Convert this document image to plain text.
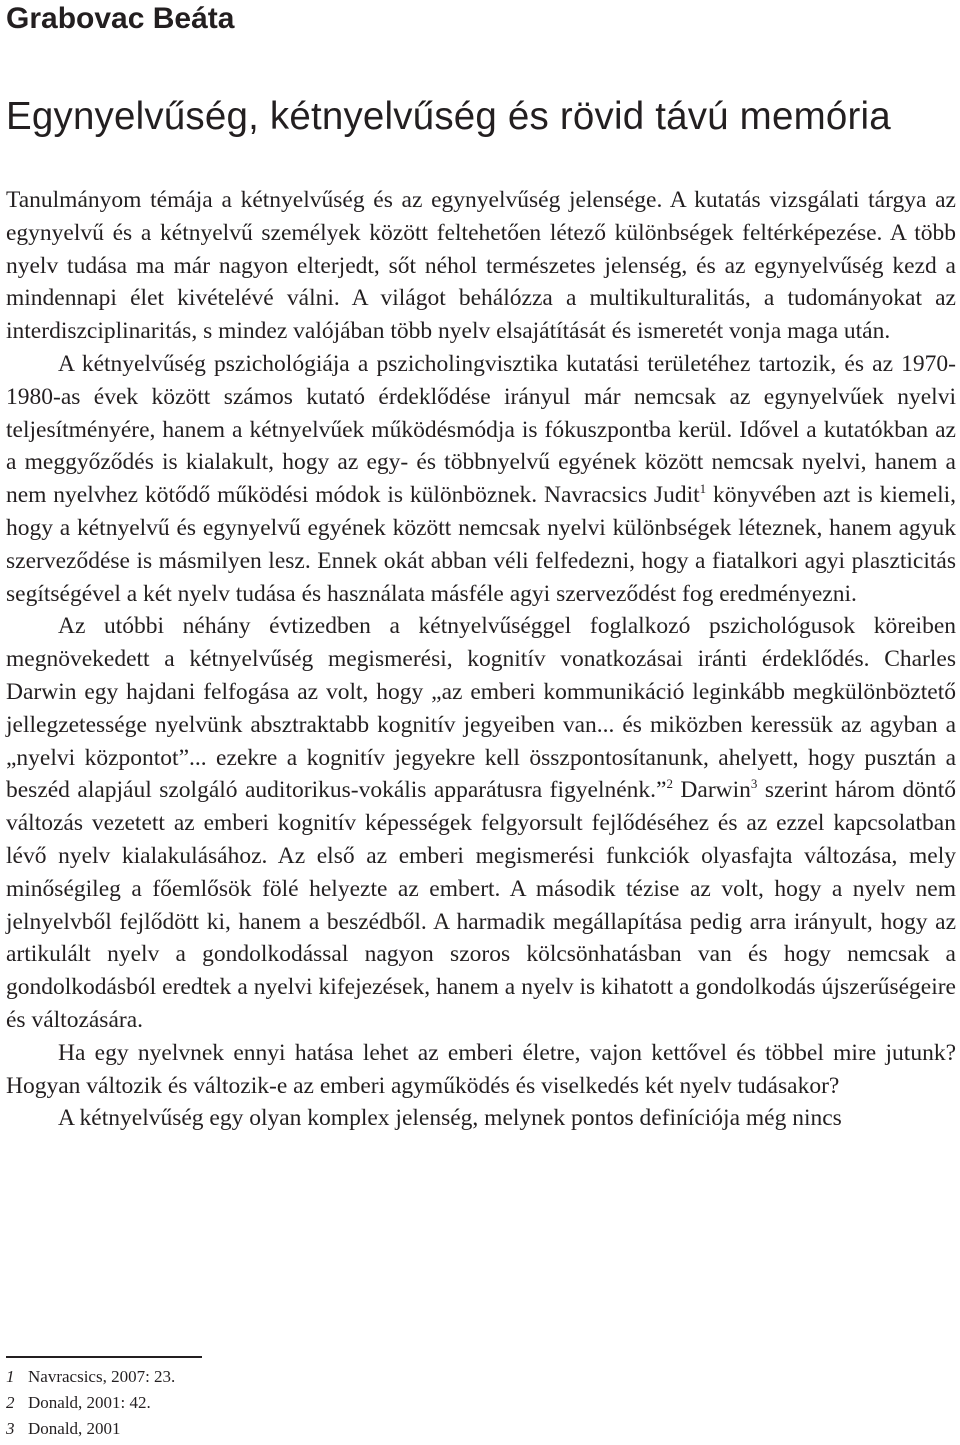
Grabovac Beáta
Egynyelvűség, kétnyelvűség és rövid távú memória

Tanulmányom témája a kétnyelvűség és az egynyelvűség jelensége. A kutatás vizsgálati tárgya az egynyelvű és a kétnyelvű személyek között feltehetően létező különbségek feltérképezése. A több nyelv tudása ma már nagyon elterjedt, sőt néhol természetes jelenség, és az egynyelvűség kezd a mindennapi élet kivételévé válni. A világot behálózza a multikulturalitás, a tudományokat az interdiszciplinaritás, s mindez valójában több nyelv elsajátítását és ismeretét vonja maga után.

A kétnyelvűség pszichológiája a pszicholingvisztika kutatási területéhez tartozik, és az 1970-1980-as évek között számos kutató érdeklődése irányul már nemcsak az egynyelvűek nyelvi teljesítményére, hanem a kétnyelvűek működésmódja is fókuszpontba kerül. Idővel a kutatókban az a meggyőződés is kialakult, hogy az egy- és többnyelvű egyének között nemcsak nyelvi, hanem a nem nyelvhez kötődő működési módok is különböznek. Navracsics Judit$^1$ könyvében azt is kiemeli, hogy a kétnyelvű és egynyelvű egyének között nemcsak nyelvi különbségek léteznek, hanem agyuk szerveződése is másmilyen lesz. Ennek okát abban véli felfedezni, hogy a fiatalkori agyi plaszticitás segítségével a két nyelv tudása és használata másféle agyi szerveződést fog eredményezni.

Az utóbbi néhány évtizedben a kétnyelvűséggel foglalkozó pszichológusok köreiben megnövekedett a kétnyelvűség megismerési, kognitív vonatkozásai iránti érdeklődés. Charles Darwin egy hajdani felfogása az volt, hogy „az emberi kommunikáció leginkább megkülönböztető jellegzetessége nyelvünk absztraktabb kognitív jegyeiben van... és miközben keressük az agyban a „nyelvi központot”... ezekre a kognitív jegyekre kell összpontosítanunk, ahelyett, hogy pusztán a beszéd alapjául szolgáló auditorikus-vokális apparátusra figyelnénk.”$^2$ Darwin$^3$ szerint három döntő változás vezetett az emberi kognitív képességek felgyorsult fejlődéséhez és az ezzel kapcsolatban lévő nyelv kialakulásához. Az első az emberi megismerési funkciók olyasfajta változása, mely minőségileg a főemlősök fölé helyezte az embert. A második tézise az volt, hogy a nyelv nem jelnyelvből fejlődött ki, hanem a beszédből. A harmadik megállapítása pedig arra irányult, hogy az artikulált nyelv a gondolkodással nagyon szoros kölcsönhatásban van és hogy nemcsak a gondolkodásból eredtek a nyelvi kifejezések, hanem a nyelv is kihatott a gondolkodás újszerűségeire és változására.

Ha egy nyelvnek ennyi hatása lehet az emberi életre, vajon kettővel és többel mire jutunk? Hogyan változik és változik-e az emberi agyműködés és viselkedés két nyelv tudásakor?

A kétnyelvűség egy olyan komplex jelenség, melynek pontos definíciója még nincs

1 Navracsics, 2007: 23.
2 Donald, 2001: 42.
3 Donald, 2001
